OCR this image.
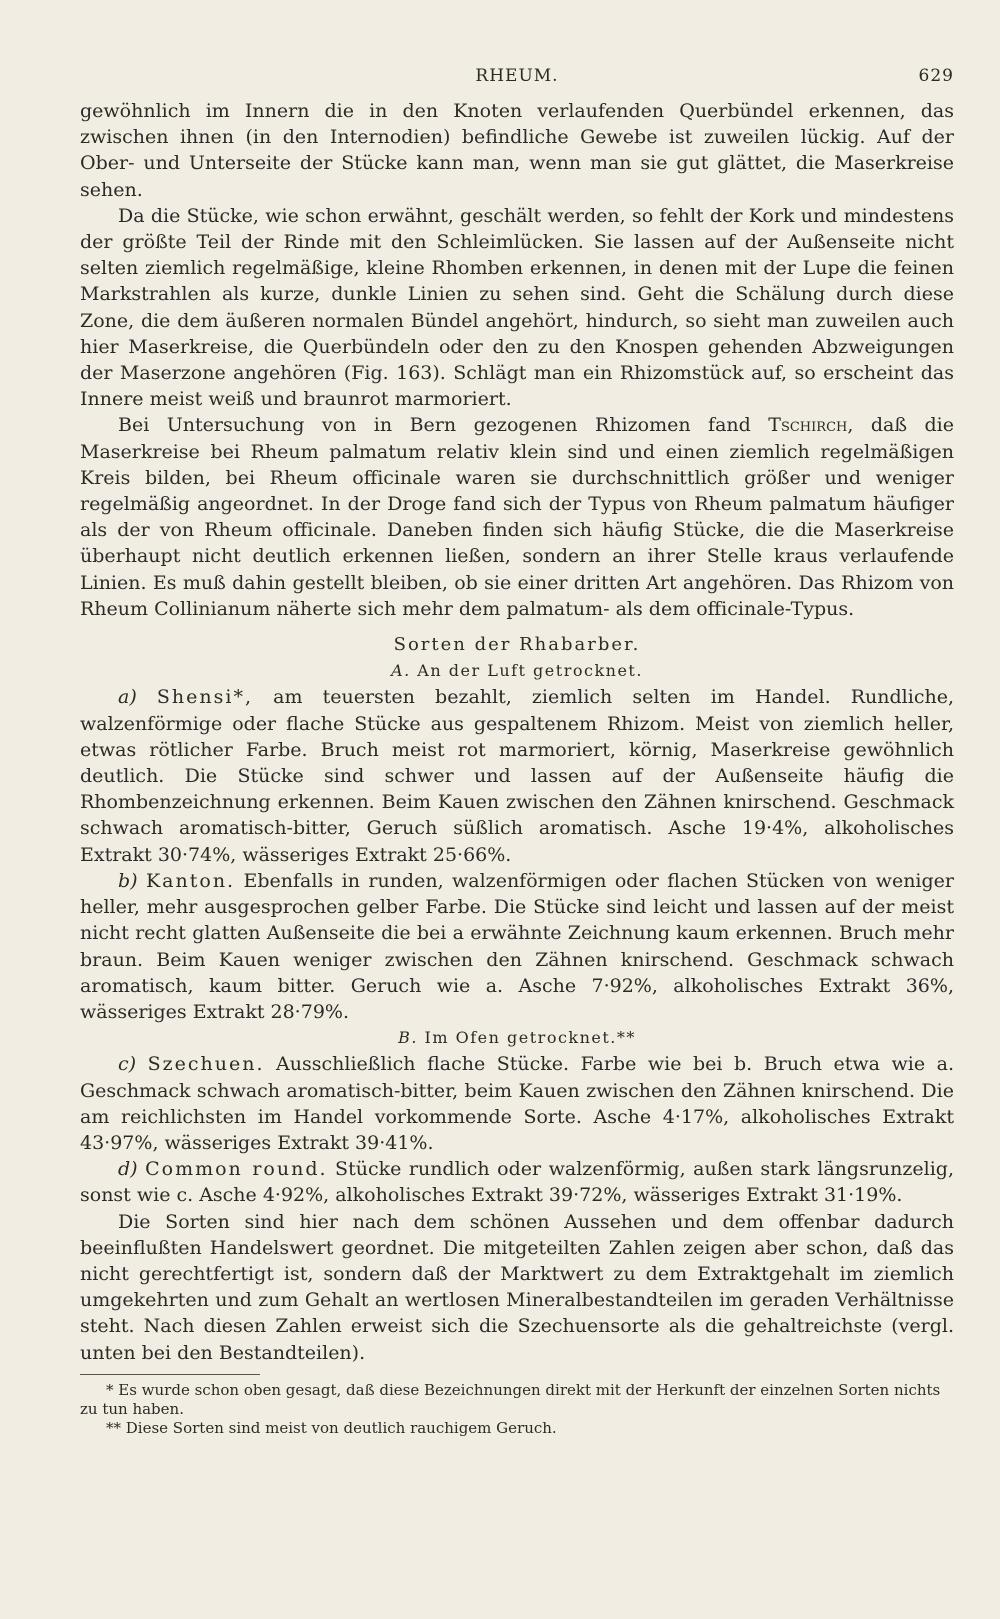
RHEUM.	629

gewöhnlich im Innern die in den Knoten verlaufenden Querbündel erkennen, das zwischen ihnen (in den Internodien) befindliche Gewebe ist zuweilen lückig. Auf der Ober- und Unterseite der Stücke kann man, wenn man sie gut glättet, die Maserkreise sehen.

Da die Stücke, wie schon erwähnt, geschält werden, so fehlt der Kork und mindestens der größte Teil der Rinde mit den Schleimlücken. Sie lassen auf der Außenseite nicht selten ziemlich regelmäßige, kleine Rhomben erkennen, in denen mit der Lupe die feinen Markstrahlen als kurze, dunkle Linien zu sehen sind. Geht die Schälung durch diese Zone, die dem äußeren normalen Bündel angehört, hindurch, so sieht man zuweilen auch hier Maserkreise, die Querbündeln oder den zu den Knospen gehenden Abzweigungen der Maserzone angehören (Fig. 163). Schlägt man ein Rhizomstück auf, so erscheint das Innere meist weiß und braunrot marmoriert.

Bei Untersuchung von in Bern gezogenen Rhizomen fand Tschirch, daß die Maserkreise bei Rheum palmatum relativ klein sind und einen ziemlich regelmäßigen Kreis bilden, bei Rheum officinale waren sie durchschnittlich größer und weniger regelmäßig angeordnet. In der Droge fand sich der Typus von Rheum palmatum häufiger als der von Rheum officinale. Daneben finden sich häufig Stücke, die die Maserkreise überhaupt nicht deutlich erkennen ließen, sondern an ihrer Stelle kraus verlaufende Linien. Es muß dahin gestellt bleiben, ob sie einer dritten Art angehören. Das Rhizom von Rheum Collinianum näherte sich mehr dem palmatum- als dem officinale-Typus.

Sorten der Rhabarber.
A. An der Luft getrocknet.

a) Shensi*, am teuersten bezahlt, ziemlich selten im Handel. Rundliche, walzenförmige oder flache Stücke aus gespaltenem Rhizom. Meist von ziemlich heller, etwas rötlicher Farbe. Bruch meist rot marmoriert, körnig, Maserkreise gewöhnlich deutlich. Die Stücke sind schwer und lassen auf der Außenseite häufig die Rhombenzeichnung erkennen. Beim Kauen zwischen den Zähnen knirschend. Geschmack schwach aromatisch-bitter, Geruch süßlich aromatisch. Asche 19·4%, alkoholisches Extrakt 30·74%, wässeriges Extrakt 25·66%.

b) Kanton. Ebenfalls in runden, walzenförmigen oder flachen Stücken von weniger heller, mehr ausgesprochen gelber Farbe. Die Stücke sind leicht und lassen auf der meist nicht recht glatten Außenseite die bei a erwähnte Zeichnung kaum erkennen. Bruch mehr braun. Beim Kauen weniger zwischen den Zähnen knirschend. Geschmack schwach aromatisch, kaum bitter. Geruch wie a. Asche 7·92%, alkoholisches Extrakt 36%, wässeriges Extrakt 28·79%.

B. Im Ofen getrocknet.**

c) Szechuen. Ausschließlich flache Stücke. Farbe wie bei b. Bruch etwa wie a. Geschmack schwach aromatisch-bitter, beim Kauen zwischen den Zähnen knirschend. Die am reichlichsten im Handel vorkommende Sorte. Asche 4·17%, alkoholisches Extrakt 43·97%, wässeriges Extrakt 39·41%.

d) Common round. Stücke rundlich oder walzenförmig, außen stark längsrunzelig, sonst wie c. Asche 4·92%, alkoholisches Extrakt 39·72%, wässeriges Extrakt 31·19%.

Die Sorten sind hier nach dem schönen Aussehen und dem offenbar dadurch beeinflußten Handelswert geordnet. Die mitgeteilten Zahlen zeigen aber schon, daß das nicht gerechtfertigt ist, sondern daß der Marktwert zu dem Extraktgehalt im ziemlich umgekehrten und zum Gehalt an wertlosen Mineralbestandteilen im geraden Verhältnisse steht. Nach diesen Zahlen erweist sich die Szechuensorte als die gehaltreichste (vergl. unten bei den Bestandteilen).

* Es wurde schon oben gesagt, daß diese Bezeichnungen direkt mit der Herkunft der einzelnen Sorten nichts zu tun haben.

** Diese Sorten sind meist von deutlich rauchigem Geruch.
